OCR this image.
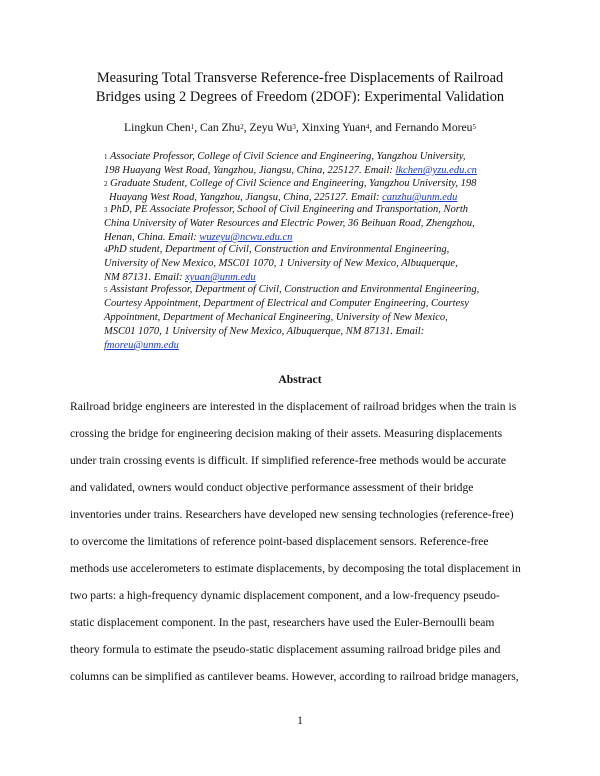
Measuring Total Transverse Reference-free Displacements of Railroad
Bridges using 2 Degrees of Freedom (2DOF): Experimental Validation
Lingkun Chen$^1$, Can Zhu$^2$, Zeyu Wu$^3$, Xinxing Yuan$^4$, and Fernando Moreu$^5$
$^1$ Associate Professor, College of Civil Science and Engineering, Yangzhou University,
198 Huayang West Road, Yangzhou, Jiangsu, China, 225127. Email: lkchen@yzu.edu.cn
$^2$ Graduate Student, College of Civil Science and Engineering, Yangzhou University, 198
Huayang West Road, Yangzhou, Jiangsu, China, 225127. Email: canzhu@unm.edu
$^3$ PhD, PE Associate Professor, School of Civil Engineering and Transportation, North
China University of Water Resources and Electric Power, 36 Beihuan Road, Zhengzhou,
Henan, China. Email: wuzeyu@ncwu.edu.cn
$^4$PhD student, Department of Civil, Construction and Environmental Engineering,
University of New Mexico, MSC01 1070, 1 University of New Mexico, Albuquerque,
NM 87131. Email: xyuan@unm.edu
$^5$ Assistant Professor, Department of Civil, Construction and Environmental Engineering,
Courtesy Appointment, Department of Electrical and Computer Engineering, Courtesy
Appointment, Department of Mechanical Engineering, University of New Mexico,
MSC01 1070, 1 University of New Mexico, Albuquerque, NM 87131. Email:
fmoreu@unm.edu
Abstract
Railroad bridge engineers are interested in the displacement of railroad bridges when the train is
crossing the bridge for engineering decision making of their assets. Measuring displacements
under train crossing events is difficult. If simplified reference-free methods would be accurate
and validated, owners would conduct objective performance assessment of their bridge
inventories under trains. Researchers have developed new sensing technologies (reference-free)
to overcome the limitations of reference point-based displacement sensors. Reference-free
methods use accelerometers to estimate displacements, by decomposing the total displacement in
two parts: a high-frequency dynamic displacement component, and a low-frequency pseudo-
static displacement component. In the past, researchers have used the Euler-Bernoulli beam
theory formula to estimate the pseudo-static displacement assuming railroad bridge piles and
columns can be simplified as cantilever beams. However, according to railroad bridge managers,
1
